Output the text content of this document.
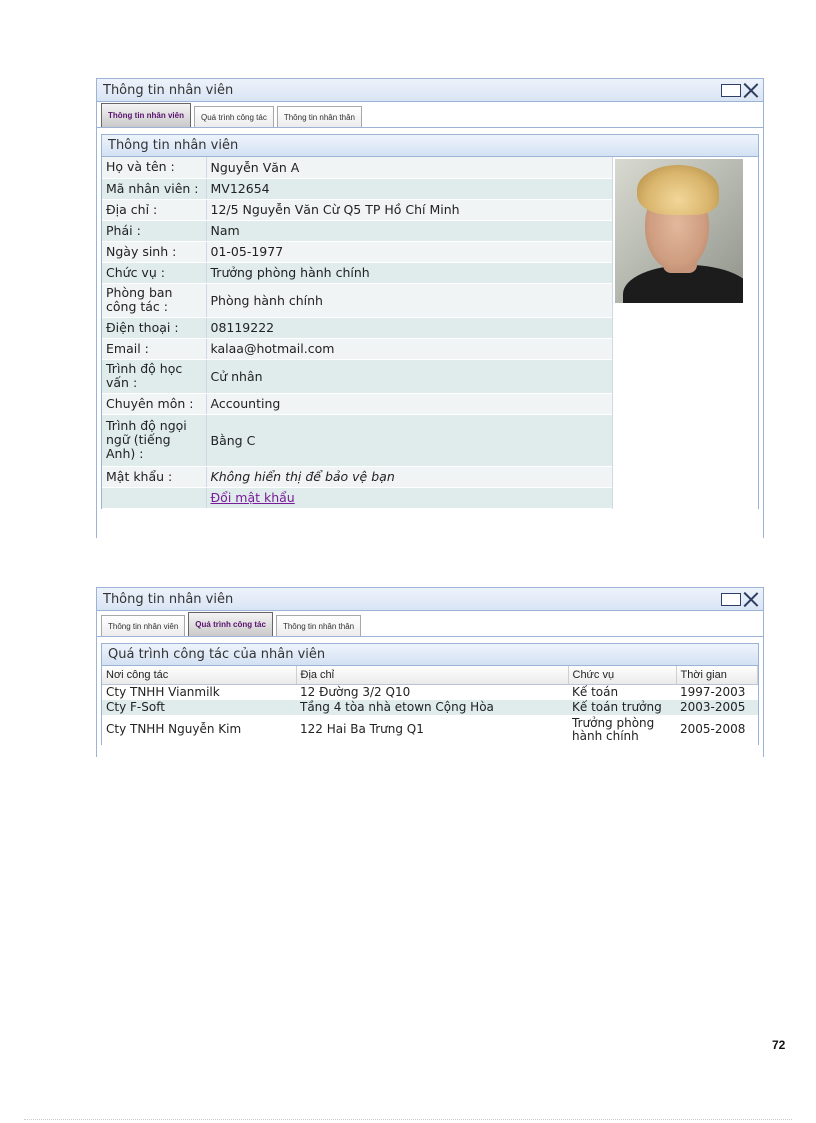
Thông tin nhân viên
Thông tin nhân viên	Quá trình công tác	Thông tin nhân thân
Thông tin nhân viên
Họ và tên :	Nguyễn Văn A
Mã nhân viên :	MV12654
Địa chỉ :	12/5 Nguyễn Văn Cừ Q5 TP Hồ Chí Minh
Phái :	Nam
Ngày sinh :	01-05-1977
Chức vụ :	Trưởng phòng hành chính
Phòng ban công tác :	Phòng hành chính
Điện thoại :	08119222
Email :	kalaa@hotmail.com
Trình độ học vấn :	Cử nhân
Chuyên môn :	Accounting
Trình độ ngọi ngữ (tiếng Anh) :	Bằng C
Mật khẩu :	Không hiển thị để bảo vệ bạn
	Đổi mật khẩu
Thông tin nhân viên
Thông tin nhân viên	Quá trình công tác	Thông tin nhân thân
Quá trình công tác của nhân viên
Nơi công tác	Địa chỉ	Chức vụ	Thời gian
Cty TNHH Vianmilk	12 Đường 3/2 Q10	Kế toán	1997-2003
Cty F-Soft	Tầng 4 tòa nhà etown Cộng Hòa	Kế toán trưởng	2003-2005
Cty TNHH Nguyễn Kim	122 Hai Ba Trưng Q1	Trưởng phòng hành chính	2005-2008
72
